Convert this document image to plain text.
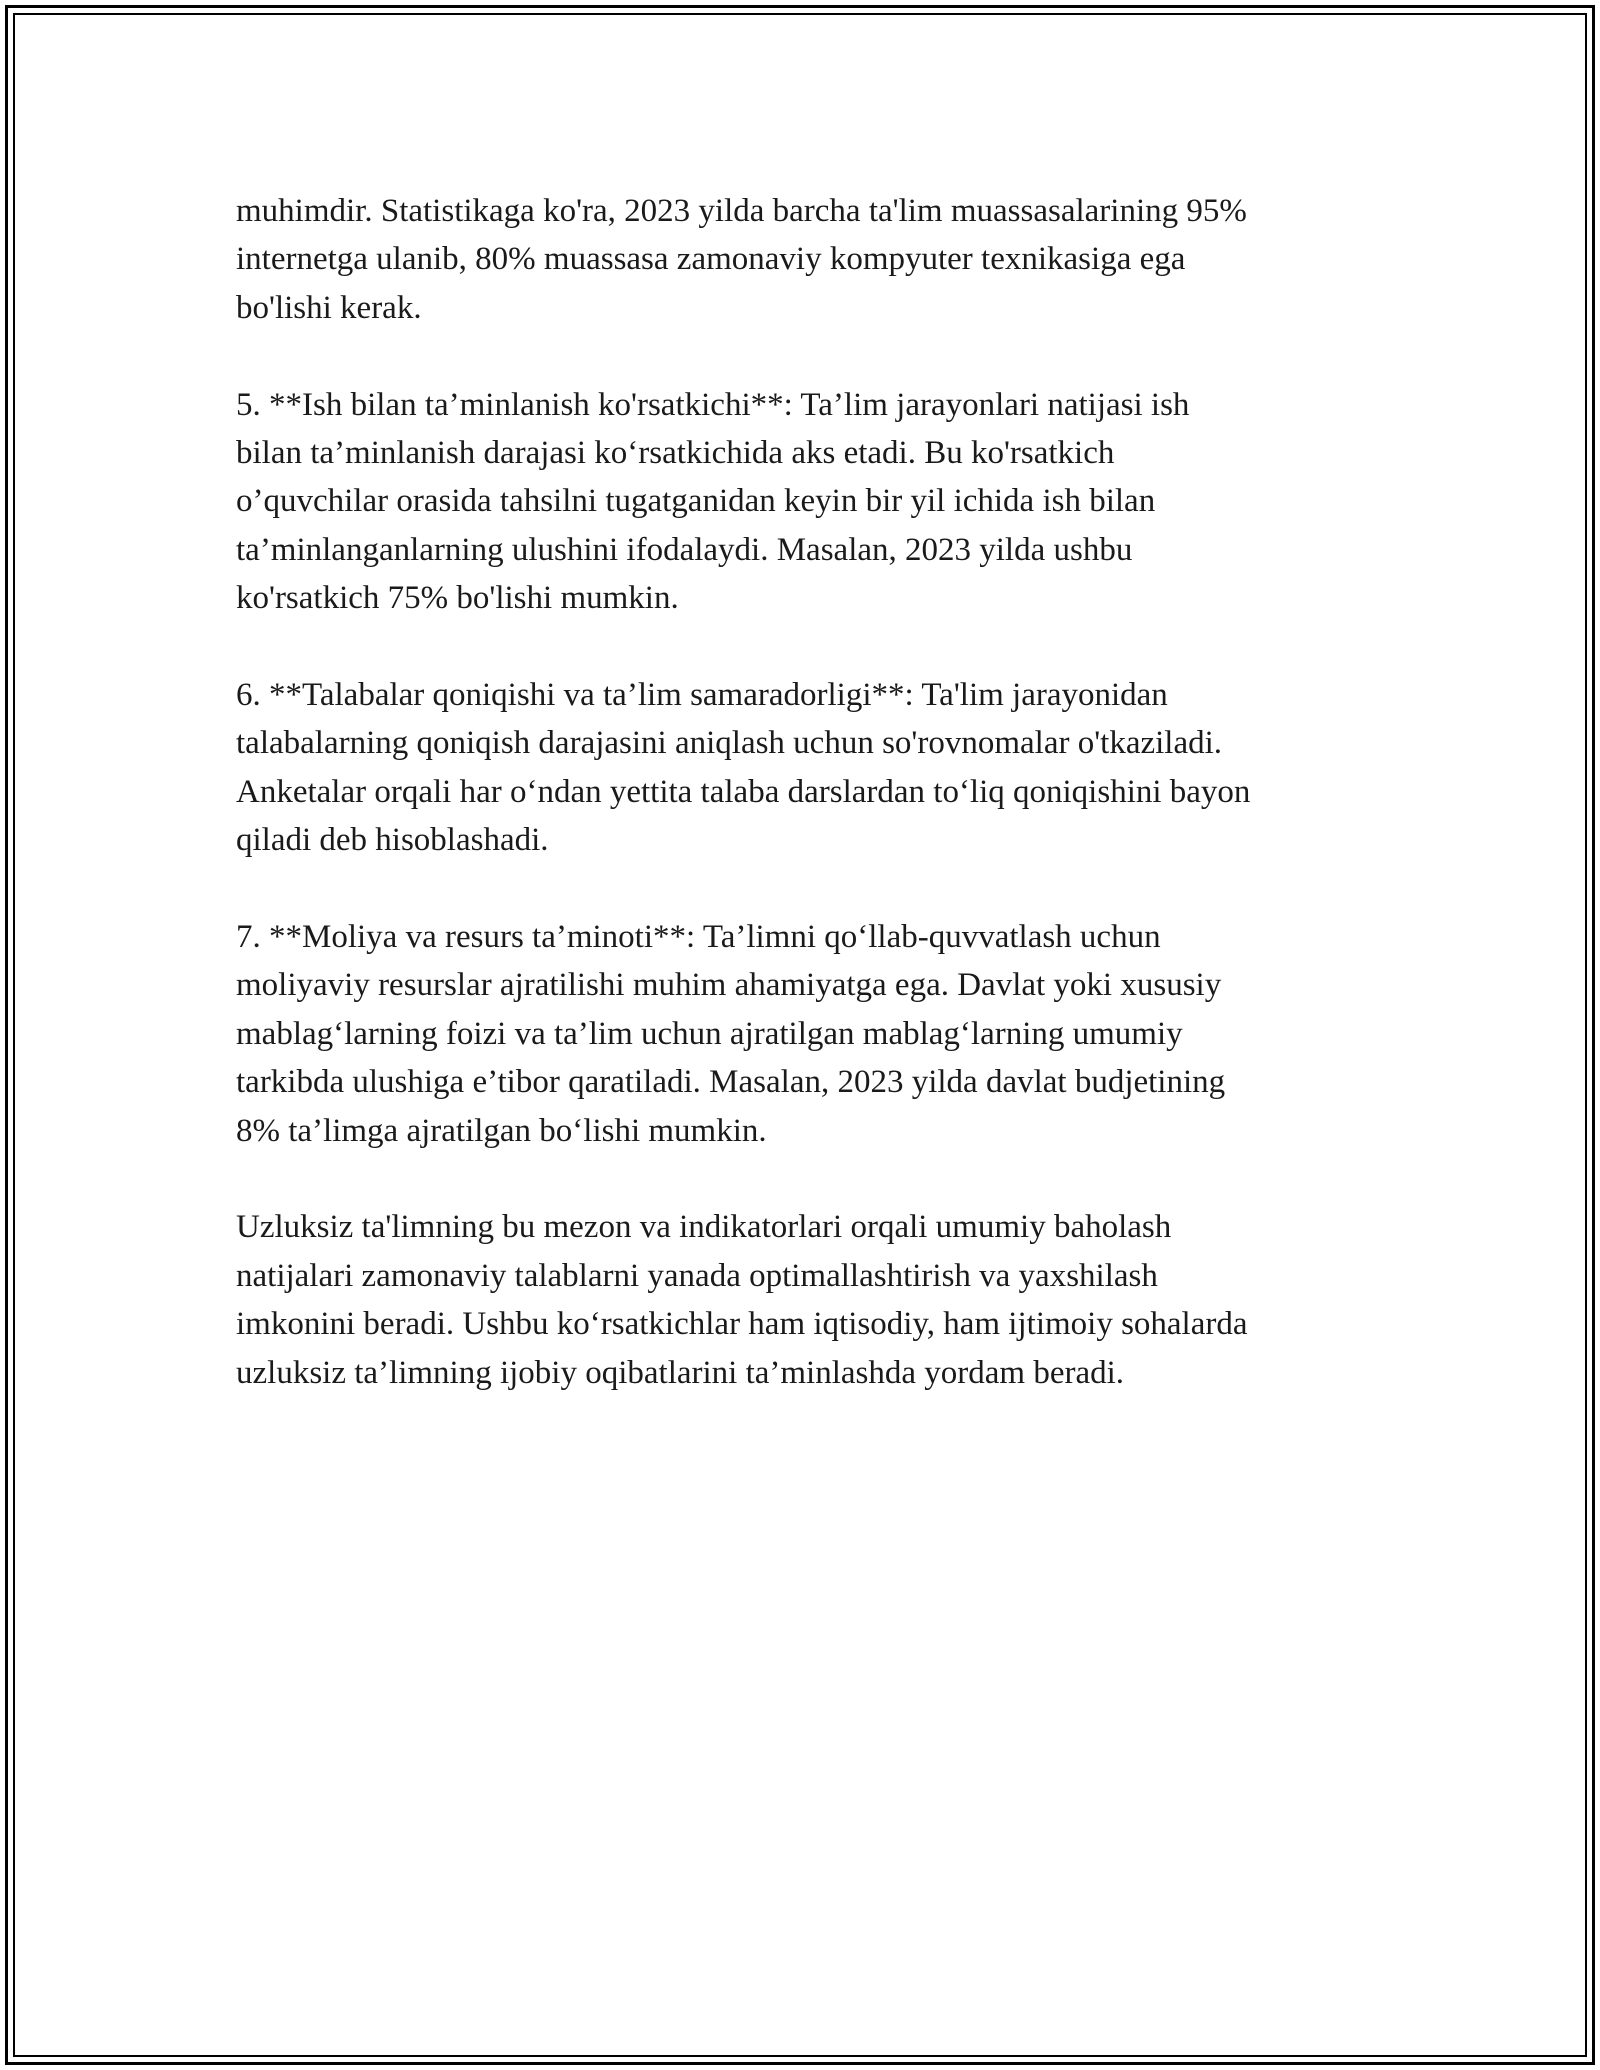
muhimdir. Statistikaga ko'ra, 2023 yilda barcha ta'lim muassasalarining 95%
internetga ulanib, 80% muassasa zamonaviy kompyuter texnikasiga ega
bo'lishi kerak.

5. **Ish bilan ta’minlanish ko'rsatkichi**: Ta’lim jarayonlari natijasi ish
bilan ta’minlanish darajasi ko‘rsatkichida aks etadi. Bu ko'rsatkich
o’quvchilar orasida tahsilni tugatganidan keyin bir yil ichida ish bilan
ta’minlanganlarning ulushini ifodalaydi. Masalan, 2023 yilda ushbu
ko'rsatkich 75% bo'lishi mumkin.

6. **Talabalar qoniqishi va ta’lim samaradorligi**: Ta'lim jarayonidan
talabalarning qoniqish darajasini aniqlash uchun so'rovnomalar o'tkaziladi.
Anketalar orqali har o‘ndan yettita talaba darslardan to‘liq qoniqishini bayon
qiladi deb hisoblashadi.

7. **Moliya va resurs ta’minoti**: Ta’limni qo‘llab-quvvatlash uchun
moliyaviy resurslar ajratilishi muhim ahamiyatga ega. Davlat yoki xususiy
mablag‘larning foizi va ta’lim uchun ajratilgan mablag‘larning umumiy
tarkibda ulushiga e’tibor qaratiladi. Masalan, 2023 yilda davlat budjetining
8% ta’limga ajratilgan bo‘lishi mumkin.

Uzluksiz ta'limning bu mezon va indikatorlari orqali umumiy baholash
natijalari zamonaviy talablarni yanada optimallashtirish va yaxshilash
imkonini beradi. Ushbu ko‘rsatkichlar ham iqtisodiy, ham ijtimoiy sohalarda
uzluksiz ta’limning ijobiy oqibatlarini ta’minlashda yordam beradi.
